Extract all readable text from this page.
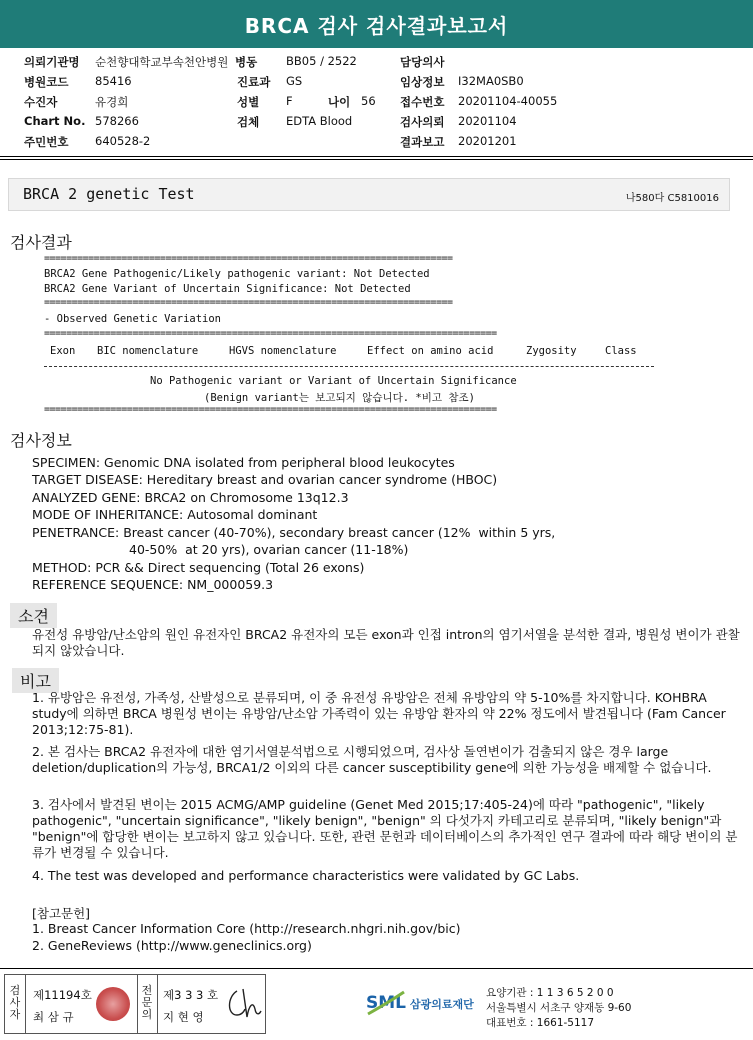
BRCA 검사 검사결과보고서
의뢰기관명 순천향대학교부속천안병원 병동	BB05 / 2522	담당의사
병원코드 85416	진료과 GS	임상정보 I32MA0SB0
수진자	유경희	성별 F	나이 56 접수번호 20201104-40055
Chart No. 578266	검체 EDTA Blood	검사의뢰 20201104
주민번호 640528-2	결과보고 20201201
BRCA 2 genetic Test	나580다 C5810016
검사결과
==========================================================================
BRCA2 Gene Pathogenic/Likely pathogenic variant: Not Detected
BRCA2 Gene Variant of Uncertain Significance: Not Detected
==========================================================================
- Observed Genetic Variation
==================================================================================
Exon BIC nomenclature	HGVS nomenclature	Effect on amino acid	Zygosity	Class
No Pathogenic variant or Variant of Uncertain Significance
(Benign variant는 보고되지 않습니다. *비고 참조)
==================================================================================
검사정보
SPECIMEN: Genomic DNA isolated from peripheral blood leukocytes
TARGET DISEASE: Hereditary breast and ovarian cancer syndrome (HBOC)
ANALYZED GENE: BRCA2 on Chromosome 13q12.3
MODE OF INHERITANCE: Autosomal dominant
PENETRANCE: Breast cancer (40-70%), secondary breast cancer (12%  within 5 yrs,
40-50%  at 20 yrs), ovarian cancer (11-18%)
METHOD: PCR && Direct sequencing (Total 26 exons)
REFERENCE SEQUENCE: NM_000059.3
소견
유전성 유방암/난소암의 원인 유전자인 BRCA2 유전자의 모든 exon과 인접 intron의 염기서열을 분석한 결과, 병원성 변이가 관찰되지 않았습니다.
비고
1. 유방암은 유전성, 가족성, 산발성으로 분류되며, 이 중 유전성 유방암은 전체 유방암의 약 5-10%를 차지합니다. KOHBRA study에 의하면 BRCA 병원성 변이는 유방암/난소암 가족력이 있는 유방암 환자의 약 22% 정도에서 발견됩니다 (Fam Cancer 2013;12:75-81).
2. 본 검사는 BRCA2 유전자에 대한 염기서열분석법으로 시행되었으며, 검사상 돌연변이가 검출되지 않은 경우 large deletion/duplication의 가능성, BRCA1/2 이외의 다른 cancer susceptibility gene에 의한 가능성을 배제할 수 없습니다.
3. 검사에서 발견된 변이는 2015 ACMG/AMP guideline (Genet Med 2015;17:405-24)에 따라 "pathogenic", "likely pathogenic", "uncertain significance", "likely benign", "benign" 의 다섯가지 카테고리로 분류되며, "likely benign"과 "benign"에 합당한 변이는 보고하지 않고 있습니다. 또한, 관련 문헌과 데이터베이스의 추가적인 연구 결과에 따라 해당 변이의 분류가 변경될 수 있습니다.
4. The test was developed and performance characteristics were validated by GC Labs.
[참고문헌]
1. Breast Cancer Information Core (http://research.nhgri.nih.gov/bic)
2. GeneReviews (http://www.geneclinics.org)
검
사
자
제11194호
최 삼 규
전
문
의
제3 3 3 호
지 현 영
SML 삼광의료재단
요양기관 : 1 1 3 6 5 2 0 0
서울특별시 서초구 양재동 9-60
대표번호 : 1661-5117
